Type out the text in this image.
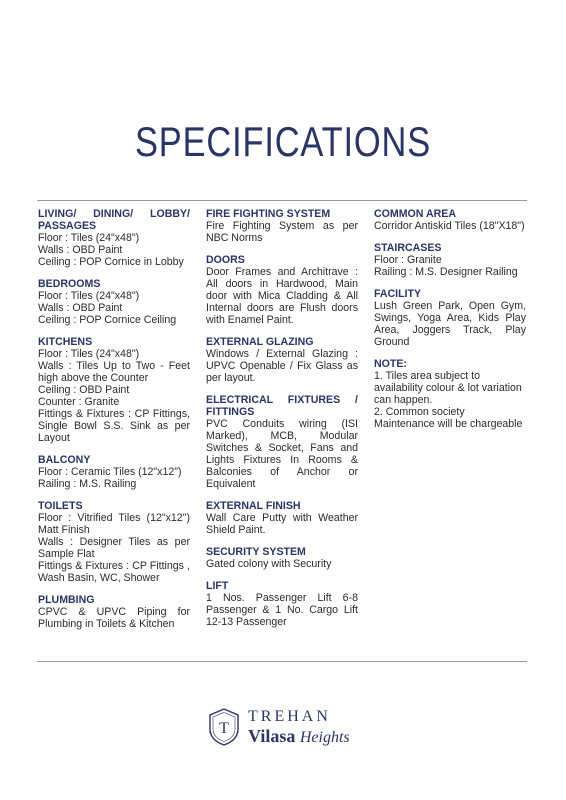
SPECIFICATIONS
LIVING/ DINING/ LOBBY/ PASSAGES
Floor : Tiles (24"x48")
Walls : OBD Paint
Ceiling : POP Cornice in Lobby
BEDROOMS
Floor : Tiles (24"x48")
Walls : OBD Paint
Ceiling : POP Cornice Ceiling
KITCHENS
Floor : Tiles (24"x48")
Walls : Tiles Up to Two - Feet high above the Counter
Ceiling : OBD Paint
Counter : Granite
Fittings & Fixtures : CP Fittings, Single Bowl S.S. Sink as per Layout
BALCONY
Floor : Ceramic Tiles (12"x12")
Railing : M.S. Railing
TOILETS
Floor : Vitrified Tiles (12"x12") Matt Finish
Walls : Designer Tiles as per Sample Flat
Fittings & Fixtures : CP Fittings , Wash Basin, WC, Shower
PLUMBING
CPVC & UPVC Piping for Plumbing in Toilets & Kitchen
FIRE FIGHTING SYSTEM
Fire Fighting System as per NBC Norms
DOORS
Door Frames and Architrave : All doors in Hardwood, Main door with Mica Cladding & All Internal doors are Flush doors with Enamel Paint.
EXTERNAL GLAZING
Windows / External Glazing : UPVC Openable / Fix Glass as per layout.
ELECTRICAL FIXTURES / FITTINGS
PVC Conduits wiring (ISI Marked), MCB, Modular Switches & Socket, Fans and Lights Fixtures In Rooms & Balconies of Anchor or Equivalent
EXTERNAL FINISH
Wall Care Putty with Weather Shield Paint.
SECURITY SYSTEM
Gated colony with Security
LIFT
1 Nos. Passenger Lift 6-8 Passenger & 1 No. Cargo Lift 12-13 Passenger
COMMON AREA
Corridor Antiskid Tiles (18"X18")
STAIRCASES
Floor : Granite
Railing : M.S. Designer Railing
FACILITY
Lush Green Park, Open Gym, Swings, Yoga Area, Kids Play Area, Joggers Track, Play Ground
NOTE:
1. Tiles area subject to availability colour & lot variation can happen.
2. Common society Maintenance will be chargeable
T
TREHAN
Vilasa Heights
